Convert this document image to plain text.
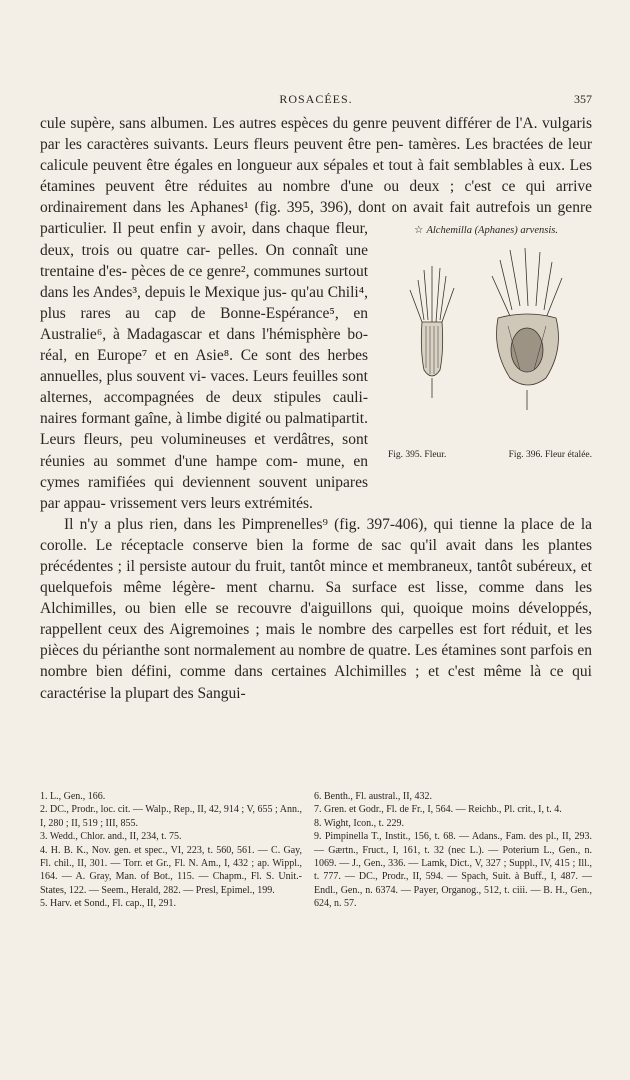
ROSACÉES.	357

cule supère, sans albumen. Les autres espèces du genre peuvent différer de l'A. vulgaris par les caractères suivants. Leurs fleurs peuvent être pen- tamères. Les bractées de leur calicule peuvent être égales en longueur aux sépales et tout à fait semblables à eux. Les étamines peuvent être réduites au nombre d'une ou deux ; c'est ce qui arrive ordinairement dans les Aphanes¹ (fig. 395, 396), dont on avait fait autrefois un genre
☆ Alchemilla (Aphanes) arvensis.
Fig. 395. Fleur.	Fig. 396. Fleur étalée.
particulier. Il peut enfin y avoir, dans chaque fleur, deux, trois ou quatre car- pelles. On connaît une trentaine d'es- pèces de ce genre², communes surtout dans les Andes³, depuis le Mexique jus- qu'au Chili⁴, plus rares au cap de Bonne-Espérance⁵, en Australie⁶, à Madagascar et dans l'hémisphère bo- réal, en Europe⁷ et en Asie⁸. Ce sont des herbes annuelles, plus souvent vi- vaces. Leurs feuilles sont alternes, accompagnées de deux stipules cauli- naires formant gaîne, à limbe digité ou palmatipartit. Leurs fleurs, peu volumineuses et verdâtres, sont réunies au sommet d'une hampe com- mune, en cymes ramifiées qui deviennent souvent unipares par appau- vrissement vers leurs extrémités.

Il n'y a plus rien, dans les Pimprenelles⁹ (fig. 397-406), qui tienne la place de la corolle. Le réceptacle conserve bien la forme de sac qu'il avait dans les plantes précédentes ; il persiste autour du fruit, tantôt mince et membraneux, tantôt subéreux, et quelquefois même légère- ment charnu. Sa surface est lisse, comme dans les Alchimilles, ou bien elle se recouvre d'aiguillons qui, quoique moins développés, rappellent ceux des Aigremoines ; mais le nombre des carpelles est fort réduit, et les pièces du périanthe sont normalement au nombre de quatre. Les étamines sont parfois en nombre bien défini, comme dans certaines Alchimilles ; et c'est même là ce qui caractérise la plupart des Sangui-

1. L., Gen., 166.

2. DC., Prodr., loc. cit. — Walp., Rep., II, 42, 914 ; V, 655 ; Ann., I, 280 ; II, 519 ; III, 855.

3. Wedd., Chlor. and., II, 234, t. 75.

4. H. B. K., Nov. gen. et spec., VI, 223, t. 560, 561. — C. Gay, Fl. chil., II, 301. — Torr. et Gr., Fl. N. Am., I, 432 ; ap. Wippl., 164. — A. Gray, Man. of Bot., 115. — Chapm., Fl. S. Unit.-States, 122. — Seem., Herald, 282. — Presl, Epimel., 199.

5. Harv. et Sond., Fl. cap., II, 291.

6. Benth., Fl. austral., II, 432.

7. Gren. et Godr., Fl. de Fr., I, 564. — Reichb., Pl. crit., I, t. 4.

8. Wight, Icon., t. 229.

9. Pimpinella T., Instit., 156, t. 68. — Adans., Fam. des pl., II, 293. — Gærtn., Fruct., I, 161, t. 32 (nec L.). — Poterium L., Gen., n. 1069. — J., Gen., 336. — Lamk, Dict., V, 327 ; Suppl., IV, 415 ; Ill., t. 777. — DC., Prodr., II, 594. — Spach, Suit. à Buff., I, 487. — Endl., Gen., n. 6374. — Payer, Organog., 512, t. ciii. — B. H., Gen., 624, n. 57.
